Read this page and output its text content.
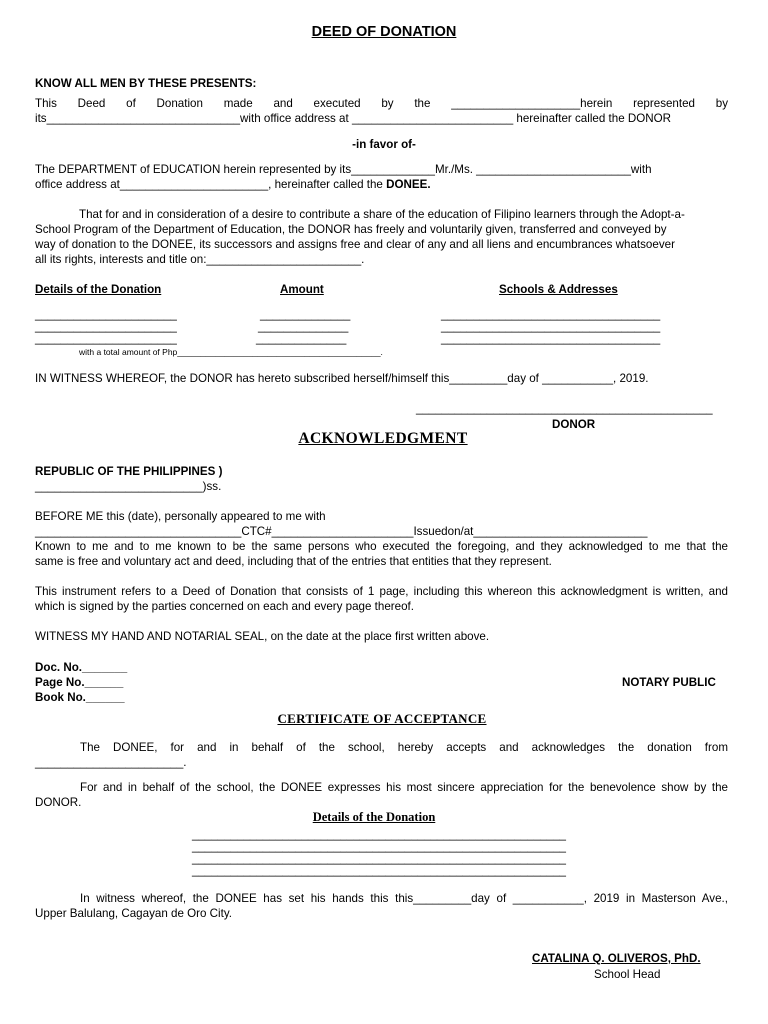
DEED OF DONATION
KNOW ALL MEN BY THESE PRESENTS:
This Deed of Donation made and executed by the ____________________herein represented by
its______________________________with office address at _________________________ hereinafter called the DONOR
-in favor of-
The DEPARTMENT of EDUCATION herein represented by its_____________Mr./Ms. ________________________with
office address at_______________________, hereinafter called the DONEE.
That for and in consideration of a desire to contribute a share of the education of Filipino learners through the Adopt-a-
School Program of the Department of Education, the DONOR has freely and voluntarily given, transferred and conveyed by
way of donation to the DONEE, its successors and assigns free and clear of any and all liens and encumbrances whatsoever
all its rights, interests and title on:________________________.
Details of the Donation	Amount	Schools & Addresses
______________________
______________________
______________________
______________
______________
______________
__________________________________
__________________________________
__________________________________
with a total amount of Php___________________________________________.
IN WITNESS WHEREOF, the DONOR has hereto subscribed herself/himself this_________day of ___________, 2019.
______________________________________________
DONOR
ACKNOWLEDGMENT
REPUBLIC OF THE PHILIPPINES )
__________________________)ss.
BEFORE ME this (date), personally appeared to me with
________________________________CTC#______________________Issuedon/at___________________________
Known to me and to me known to be the same persons who executed the foregoing, and they acknowledged to me that the
same is free and voluntary act and deed, including that of the entries that entities that they represent.
This instrument refers to a Deed of Donation that consists of 1 page, including this whereon this acknowledgment is written, and
which is signed by the parties concerned on each and every page thereof.
WITNESS MY HAND AND NOTARIAL SEAL, on the date at the place first written above.
Doc. No._______
Page No.______
Book No.______
NOTARY PUBLIC
CERTIFICATE OF ACCEPTANCE
The DONEE, for and in behalf of the school, hereby accepts and acknowledges the donation from
_______________________.
For and in behalf of the school, the DONEE expresses his most sincere appreciation for the benevolence show by the
DONOR.
Details of the Donation
__________________________________________________________
__________________________________________________________
__________________________________________________________
__________________________________________________________
In witness whereof, the DONEE has set his hands this this_________day of ___________, 2019 in Masterson Ave.,
Upper Balulang, Cagayan de Oro City.
CATALINA Q. OLIVEROS, PhD.
School Head
